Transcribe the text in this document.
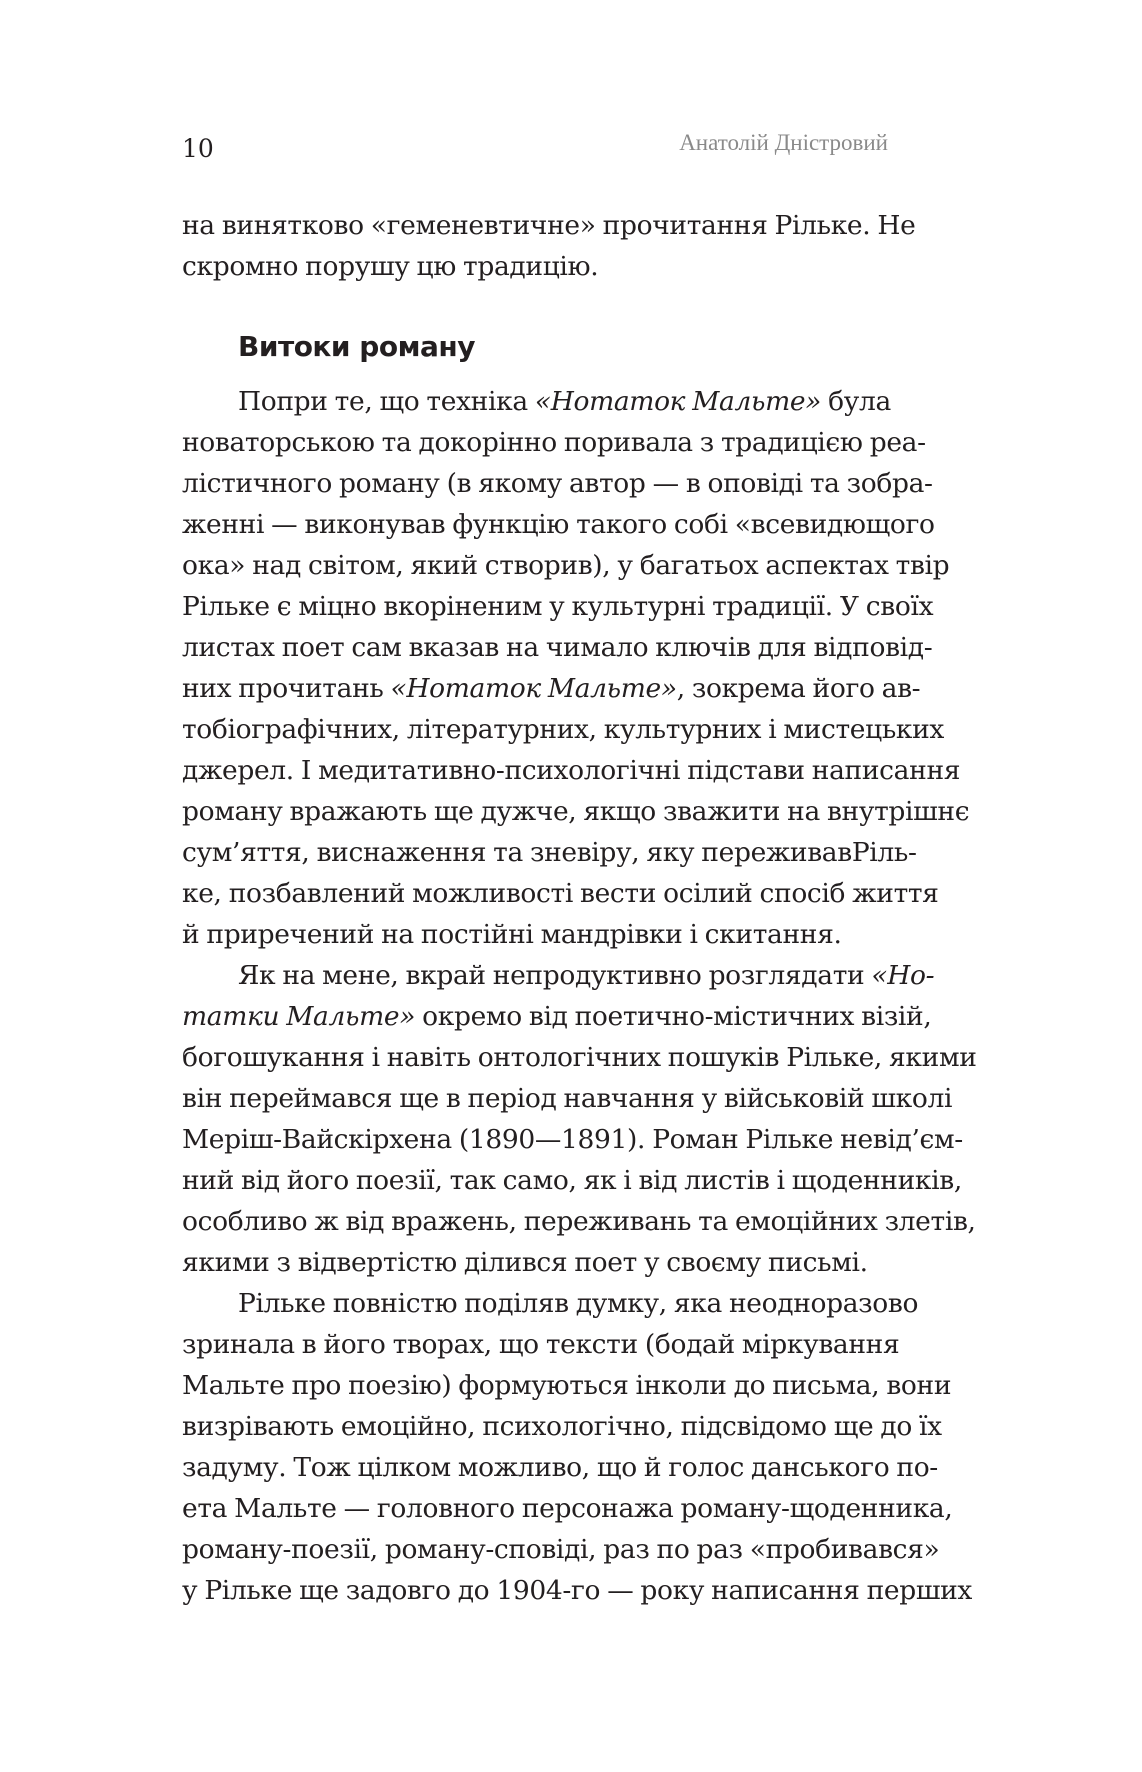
10	Анатолій Дністровий
на винятково «геменевтичне» прочитання Рільке. Не
скромно порушу цю традицію.
Витоки роману
Попри те, що техніка «Нотаток Мальте» була
новаторською та докорінно поривала з традицією реа-
лістичного роману (в якому автор — в оповіді та зобра-
женні — виконував функцію такого собі «всевидющого
ока» над світом, який створив), у багатьох аспектах твір
Рільке є міцно вкоріненим у культурні традиції. У своїх
листах поет сам вказав на чимало ключів для відповід-
них прочитань «Нотаток Мальте», зокрема його ав-
тобіографічних, літературних, культурних і мистецьких
джерел. І медитативно-психологічні підстави написання
роману вражають ще дужче, якщо зважити на внутрішнє
сум’яття, виснаження та зневіру, яку переживавРіль-
ке, позбавлений можливості вести осілий спосіб життя
й приречений на постійні мандрівки і скитання.
Як на мене, вкрай непродуктивно розглядати «Но-
татки Мальте» окремо від поетично-містичних візій,
богошукання і навіть онтологічних пошуків Рільке, якими
він переймався ще в період навчання у військовій школі
Меріш-Вайскірхена (1890—1891). Роман Рільке невід’єм-
ний від його поезії, так само, як і від листів і щоденників,
особливо ж від вражень, переживань та емоційних злетів,
якими з відвертістю ділився поет у своєму письмі.
Рільке повністю поділяв думку, яка неодноразово
зринала в його творах, що тексти (бодай міркування
Мальте про поезію) формуються інколи до письма, вони
визрівають емоційно, психологічно, підсвідомо ще до їх
задуму. Тож цілком можливо, що й голос данського по-
ета Мальте — головного персонажа роману-щоденника,
роману-поезії, роману-сповіді, раз по раз «пробивався»
у Рільке ще задовго до 1904-го — року написання перших
